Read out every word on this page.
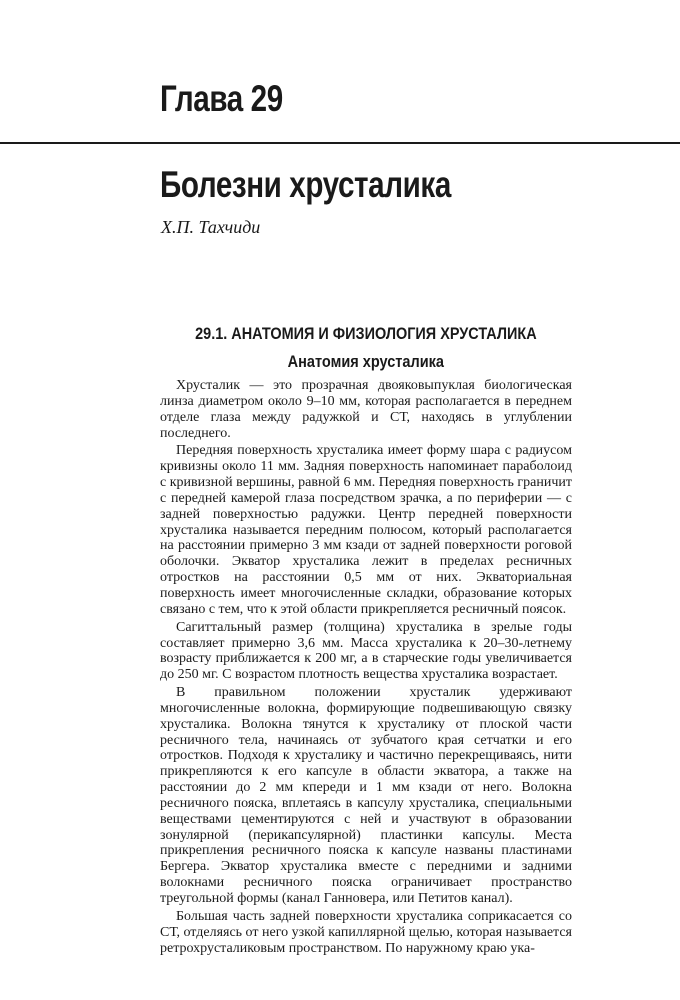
Глава 29
Болезни хрусталика
Х.П. Тахчиди
29.1. АНАТОМИЯ И ФИЗИОЛОГИЯ ХРУСТАЛИКА
Анатомия хрусталика

Хрусталик — это прозрачная двояковыпуклая биологическая линза диаметром около 9–10 мм, которая располагается в переднем отделе глаза между радужкой и СТ, находясь в углублении последнего.

Передняя поверхность хрусталика имеет форму шара с радиусом кривизны около 11 мм. Задняя поверхность напоминает параболоид с кривизной вершины, равной 6 мм. Передняя поверхность граничит с передней камерой глаза посредством зрачка, а по периферии — с задней поверхностью радужки. Центр передней поверхности хрусталика называется передним полюсом, который располагается на расстоянии примерно 3 мм кзади от задней поверхности роговой оболочки. Экватор хрусталика лежит в пределах ресничных отростков на расстоянии 0,5 мм от них. Экваториальная поверхность имеет многочисленные складки, образование которых связано с тем, что к этой области прикрепляется ресничный поясок.

Сагиттальный размер (толщина) хрусталика в зрелые годы составляет примерно 3,6 мм. Масса хрусталика к 20–30-летнему возрасту приближается к 200 мг, а в старческие годы увеличивается до 250 мг. С возрастом плотность вещества хрусталика возрастает.

В правильном положении хрусталик удерживают многочисленные волокна, формирующие подвешивающую связку хрусталика. Волокна тянутся к хрусталику от плоской части ресничного тела, начинаясь от зубчатого края сетчатки и его отростков. Подходя к хрусталику и частично перекрещиваясь, нити прикрепляются к его капсуле в области экватора, а также на расстоянии до 2 мм кпереди и 1 мм кзади от него. Волокна ресничного пояска, вплетаясь в капсулу хрусталика, специальными веществами цементируются с ней и участвуют в образовании зонулярной (перикапсулярной) пластинки капсулы. Места прикрепления ресничного пояска к капсуле названы пластинами Бергера. Экватор хрусталика вместе с передними и задними волокнами ресничного пояска ограничивает пространство треугольной формы (канал Ганновера, или Петитов канал).

Большая часть задней поверхности хрусталика соприкасается со СТ, отделяясь от него узкой капиллярной щелью, которая называется ретрохрусталиковым пространством. По наружному краю ука-
